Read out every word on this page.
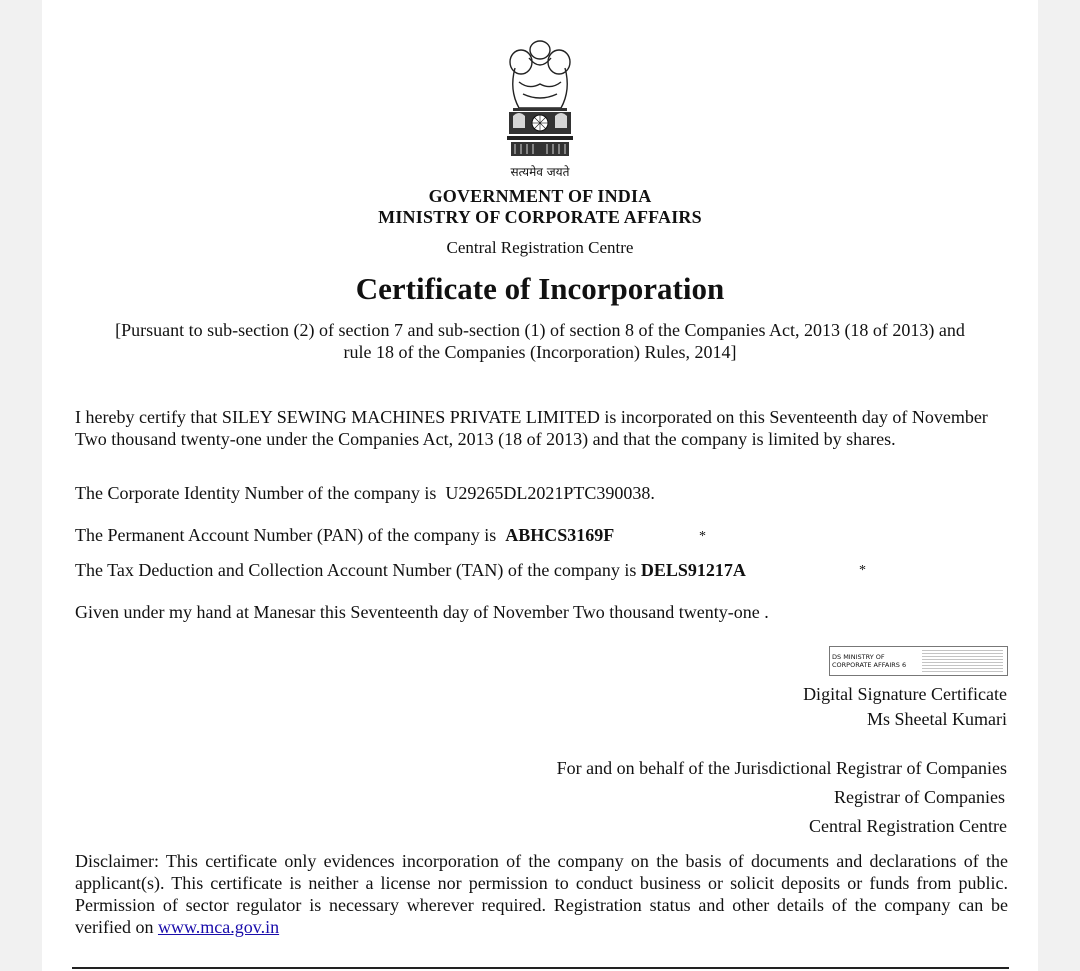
सत्यमेव जयते
GOVERNMENT OF INDIA
MINISTRY OF CORPORATE AFFAIRS
Central Registration Centre
Certificate of Incorporation
[Pursuant to sub-section (2) of section 7 and sub-section (1) of section 8 of the Companies Act, 2013 (18 of 2013) and
rule 18 of the Companies (Incorporation) Rules, 2014]
I hereby certify that SILEY SEWING MACHINES PRIVATE LIMITED is incorporated on this Seventeenth day of November Two thousand twenty-one under the Companies Act, 2013 (18 of 2013) and that the company is limited by shares.
The Corporate Identity Number of the company is U29265DL2021PTC390038.
The Permanent Account Number (PAN) of the company is ABHCS3169F	*
The Tax Deduction and Collection Account Number (TAN) of the company is DELS91217A	*
Given under my hand at Manesar this Seventeenth day of November Two thousand twenty-one .
DS MINISTRY OF
CORPORATE AFFAIRS 6
Digital Signature Certificate
Ms Sheetal Kumari
For and on behalf of the Jurisdictional Registrar of Companies
Registrar of Companies
Central Registration Centre
Disclaimer: This certificate only evidences incorporation of the company on the basis of documents and declarations of the applicant(s). This certificate is neither a license nor permission to conduct business or solicit deposits or funds from public. Permission of sector regulator is necessary wherever required. Registration status and other details of the company can be verified on www.mca.gov.in
